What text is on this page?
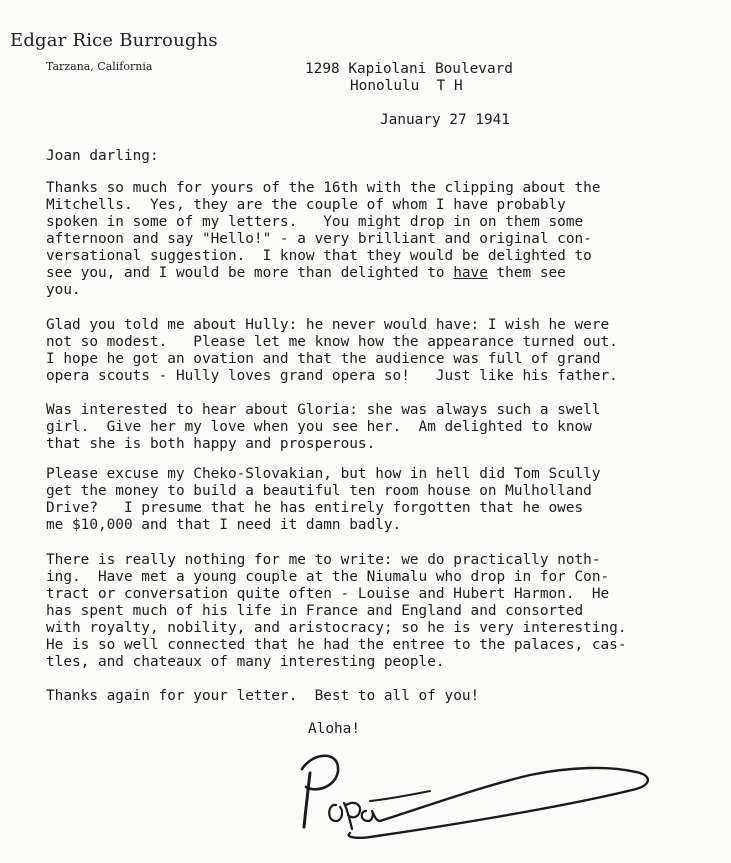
Edgar Rice Burroughs
Tarzana, California	1298 Kapiolani Boulevard
Honolulu  T H
January 27 1941
Joan darling:
Thanks so much for yours of the 16th with the clipping about the
Mitchells.  Yes, they are the couple of whom I have probably
spoken in some of my letters.   You might drop in on them some
afternoon and say "Hello!" - a very brilliant and original con-
versational suggestion.  I know that they would be delighted to
see you, and I would be more than delighted to have them see
you.
Glad you told me about Hully: he never would have: I wish he were
not so modest.   Please let me know how the appearance turned out.
I hope he got an ovation and that the audience was full of grand
opera scouts - Hully loves grand opera so!   Just like his father.
Was interested to hear about Gloria: she was always such a swell
girl.  Give her my love when you see her.  Am delighted to know
that she is both happy and prosperous.
Please excuse my Cheko-Slovakian, but how in hell did Tom Scully
get the money to build a beautiful ten room house on Mulholland
Drive?   I presume that he has entirely forgotten that he owes
me $10,000 and that I need it damn badly.
There is really nothing for me to write: we do practically noth-
ing.  Have met a young couple at the Niumalu who drop in for Con-
tract or conversation quite often - Louise and Hubert Harmon.  He
has spent much of his life in France and England and consorted
with royalty, nobility, and aristocracy; so he is very interesting.
He is so well connected that he had the entree to the palaces, cas-
tles, and chateaux of many interesting people.
Thanks again for your letter.  Best to all of you!
Aloha!
